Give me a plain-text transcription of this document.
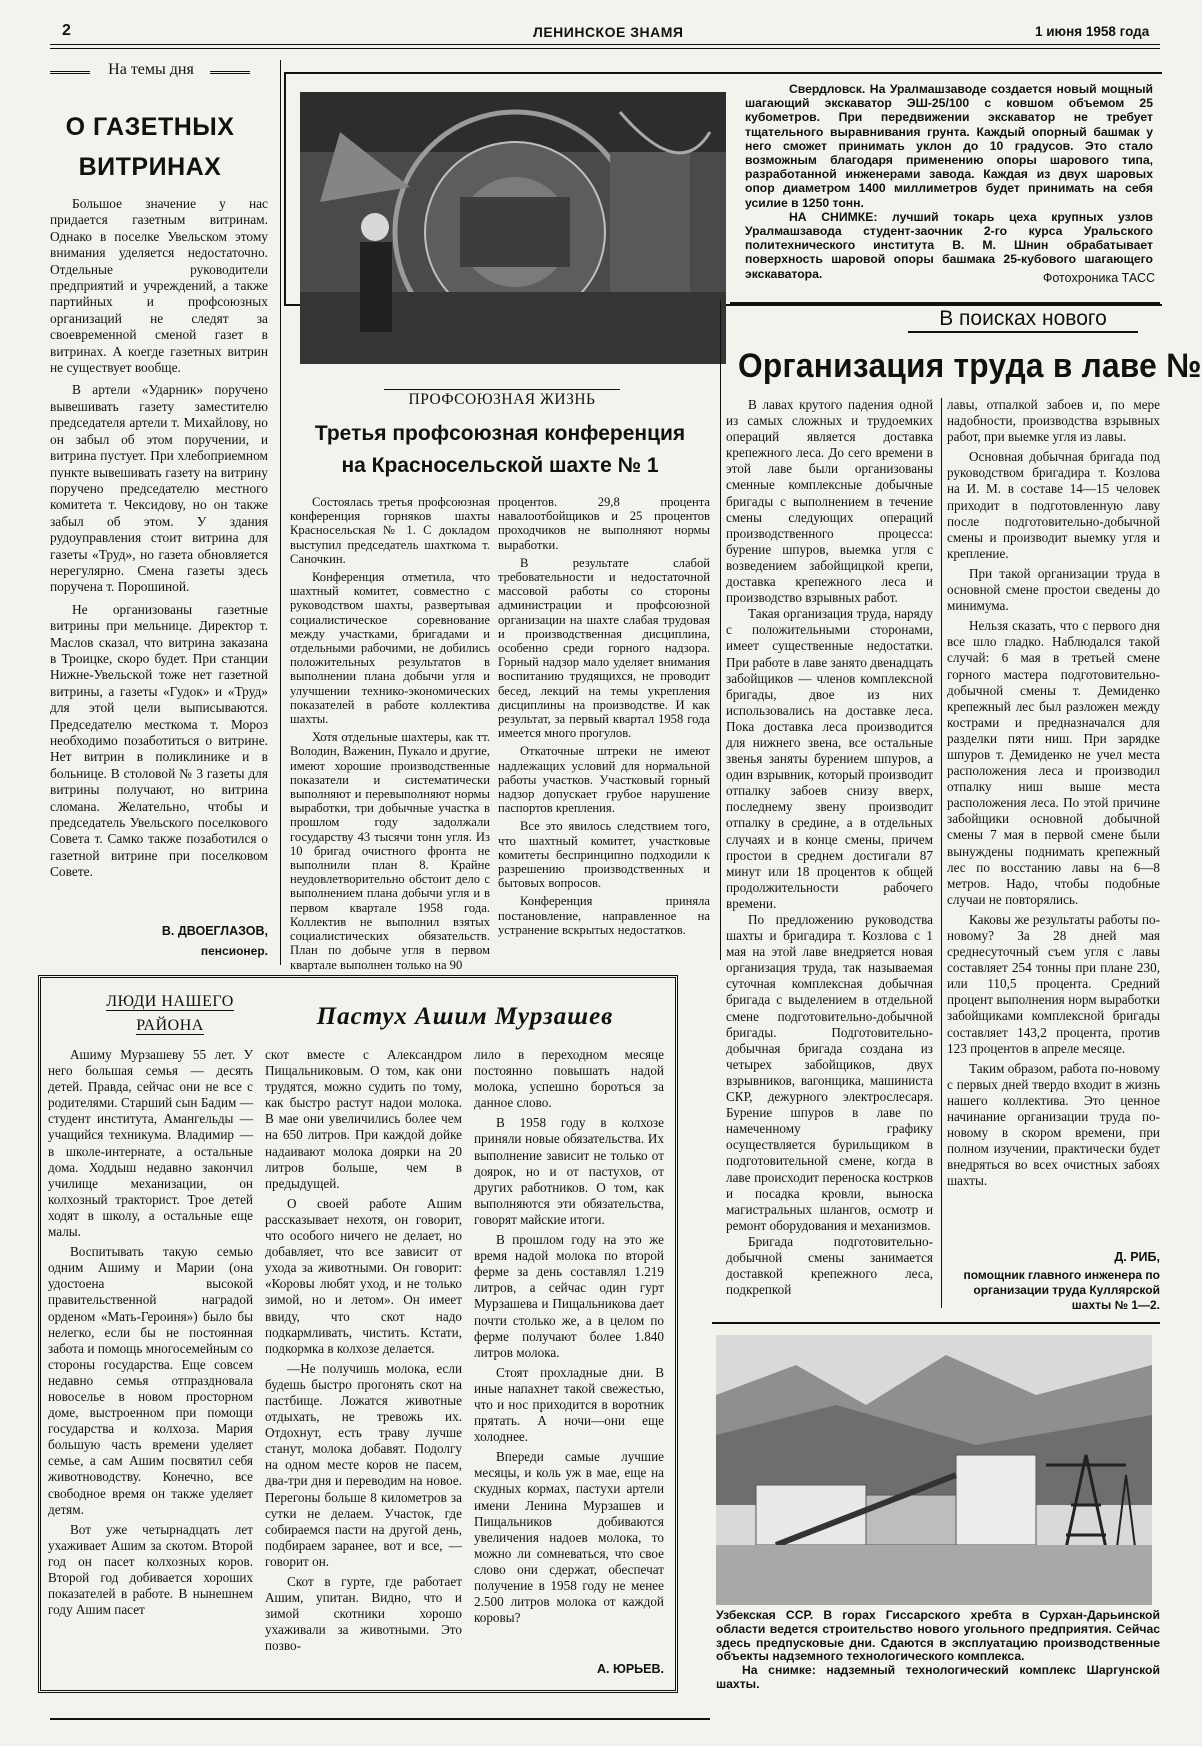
2	ЛЕНИНСКОЕ ЗНАМЯ	1 июня 1958 года
На темы дня
О ГАЗЕТНЫХ
ВИТРИНАХ

Большое значение у нас придается газетным витринам. Однако в поселке Увельском этому внимания уделяется недостаточно. Отдельные руководители предприятий и учреждений, а также партийных и профсоюзных организаций не следят за своевременной сменой газет в витринах. А коегде газетных витрин не существует вообще.

В артели «Ударник» поручено вывешивать газету заместителю председателя артели т. Михайлову, но он забыл об этом поручении, и витрина пустует. При хлебоприемном пункте вывешивать газету на витрину поручено председателю местного комитета т. Чексидову, но он также забыл об этом. У здания рудоуправления стоит витрина для газеты «Труд», но газета обновляется нерегулярно. Смена газеты здесь поручена т. Порошиной.

Не организованы газетные витрины при мельнице. Директор т. Маслов сказал, что витрина заказана в Троицке, скоро будет. При станции Нижне-Увельской тоже нет газетной витрины, а газеты «Гудок» и «Труд» для этой цели выписываются. Председателю месткома т. Мороз необходимо позаботиться о витрине. Нет витрин в поликлинике и в больнице. В столовой № 3 газеты для витрины получают, но витрина сломана. Желательно, чтобы и председатель Увельского поселкового Совета т. Самко также позаботился о газетной витрине при поселковом Совете.

В. ДВОЕГЛАЗОВ,
пенсионер.
Свердловск. На Уралмашзаводе создается новый мощный шагающий экскаватор ЭШ-25/100 с ковшом объемом 25 кубометров. При передвижении экскаватор не требует тщательного выравнивания грунта. Каждый опорный башмак у него сможет принимать уклон до 10 градусов. Это стало возможным благодаря применению опоры шарового типа, разработанной инженерами завода. Каждая из двух шаровых опор диаметром 1400 миллиметров будет принимать на себя усилие в 1250 тонн.
НА СНИМКЕ: лучший токарь цеха крупных узлов Уралмашзавода студент-заочник 2-го курса Уральского политехнического института В. М. Шнин обрабатывает поверхность шаровой опоры башмака 25-кубового шагающего экскаватора.	Фотохроника ТАСС
ПРОФСОЮЗНАЯ ЖИЗНЬ
Третья профсоюзная конференция
на Красносельской шахте № 1

Состоялась третья профсоюзная конференция горняков шахты Красносельская № 1. С докладом выступил председатель шахткома т. Саночкин.

Конференция отметила, что шахтный комитет, совместно с руководством шахты, развертывая социалистическое соревнование между участками, бригадами и отдельными рабочими, не добились положительных результатов в выполнении плана добычи угля и улучшении технико-экономических показателей в работе коллектива шахты.

Хотя отдельные шахтеры, как тт. Володин, Важенин, Пукало и другие, имеют хорошие производственные показатели и систематически выполняют и перевыполняют нормы выработки, три добычные участка в прошлом году задолжали государству 43 тысячи тонн угля. Из 10 бригад очистного фронта не выполнили план 8. Крайне неудовлетворительно обстоит дело с выполнением плана добычи угля и в первом квартале 1958 года. Коллектив не выполнил взятых социалистических обязательств. План по добыче угля в первом квартале выполнен только на 90

процентов. 29,8 процента навалоотбойщиков и 25 процентов проходчиков не выполняют нормы выработки.

В результате слабой требовательности и недостаточной массовой работы со стороны администрации и профсоюзной организации на шахте слабая трудовая и производственная дисциплина, особенно среди горного надзора. Горный надзор мало уделяет внимания воспитанию трудящихся, не проводит бесед, лекций на темы укрепления дисциплины на производстве. И как результат, за первый квартал 1958 года имеется много прогулов.

Откаточные штреки не имеют надлежащих условий для нормальной работы участков. Участковый горный надзор допускает грубое нарушение паспортов крепления.

Все это явилось следствием того, что шахтный комитет, участковые комитеты беспринципно подходили к разрешению производственных и бытовых вопросов.

Конференция приняла постановление, направленное на устранение вскрытых недостатков.

В поисках нового
Организация труда в лаве №

В лавах крутого падения одной из самых сложных и трудоемких операций является доставка крепежного леса. До сего времени в этой лаве были организованы сменные комплексные добычные бригады с выполнением в течение смены следующих операций производственного процесса: бурение шпуров, выемка угля с возведением забойщицкой крепи, доставка крепежного леса и производство взрывных работ.

Такая организация труда, наряду с положительными сторонами, имеет существенные недостатки. При работе в лаве занято двенадцать забойщиков — членов комплексной бригады, двое из них использовались на доставке леса. Пока доставка леса производится для нижнего звена, все остальные звенья заняты бурением шпуров, а один взрывник, который производит отпалку забоев снизу вверх, последнему звену производит отпалку в средине, а в отдельных случаях и в конце смены, причем простои в среднем достигали 87 минут или 18 процентов к общей продолжительности рабочего времени.

По предложению руководства шахты и бригадира т. Козлова с 1 мая на этой лаве внедряется новая организация труда, так называемая суточная комплексная добычная бригада с выделением в отдельной смене подготовительно-добычной бригады. Подготовительно-добычная бригада создана из четырех забойщиков, двух взрывников, вагонщика, машиниста СКР, дежурного электрослесаря. Бурение шпуров в лаве по намеченному графику осуществляется бурильщиком в подготовительной смене, когда в лаве происходит переноска кострков и посадка кровли, выноска магистральных шлангов, осмотр и ремонт оборудования и механизмов.

Бригада подготовительно-добычной смены занимается доставкой крепежного леса, подкрепкой

лавы, отпалкой забоев и, по мере надобности, производства взрывных работ, при выемке угля из лавы.

Основная добычная бригада под руководством бригадира т. Козлова на И. М. в составе 14—15 человек приходит в подготовленную лаву после подготовительно-добычной смены и производит выемку угля и крепление.

При такой организации труда в основной смене простои сведены до минимума.

Нельзя сказать, что с первого дня все шло гладко. Наблюдался такой случай: 6 мая в третьей смене горного мастера подготовительно-добычной смены т. Демиденко крепежный лес был разложен между кострами и предназначался для разделки пяти ниш. При зарядке шпуров т. Демиденко не учел места расположения леса и производил отпалку ниш выше места расположения леса. По этой причине забойщики основной добычной смены 7 мая в первой смене были вынуждены поднимать крепежный лес по восстанию лавы на 6—8 метров. Надо, чтобы подобные случаи не повторялись.

Каковы же результаты работы по-новому? За 28 дней мая среднесуточный съем угля с лавы составляет 254 тонны при плане 230, или 110,5 процента. Средний процент выполнения норм выработки забойщиками комплексной бригады составляет 143,2 процента, против 123 процентов в апреле месяце.

Таким образом, работа по-новому с первых дней твердо входит в жизнь нашего коллектива. Это ценное начинание организации труда по-новому в скором времени, при полном изучении, практически будет внедряться во всех очистных забоях шахты.

Д. РИБ,
помощник главного инженера по организации труда Куллярской шахты № 1—2.
ЛЮДИ НАШЕГО
РАЙОНА	Пастух Ашим Мурзашев

Ашиму Мурзашеву 55 лет. У него большая семья — десять детей. Правда, сейчас они не все с родителями. Старший сын Бадим — студент института, Амангельды — учащийся техникума. Владимир — в школе-интернате, а остальные дома. Ходдыш недавно закончил училище механизации, он колхозный тракторист. Трое детей ходят в школу, а остальные еще малы.

Воспитывать такую семью одним Ашиму и Марии (она удостоена высокой правительственной наградой орденом «Мать-Героиня») было бы нелегко, если бы не постоянная забота и помощь многосемейным со стороны государства. Еще совсем недавно семья отпраздновала новоселье в новом просторном доме, выстроенном при помощи государства и колхоза. Мария большую часть времени уделяет семье, а сам Ашим посвятил себя животноводству. Конечно, все свободное время он также уделяет детям.

Вот уже четырнадцать лет ухаживает Ашим за скотом. Второй год он пасет колхозных коров. Второй год добивается хороших показателей в работе. В нынешнем году Ашим пасет

скот вместе с Александром Пищальниковым. О том, как они трудятся, можно судить по тому, как быстро растут надои молока. В мае они увеличились более чем на 650 литров. При каждой дойке надаивают молока доярки на 20 литров больше, чем в предыдущей.

О своей работе Ашим рассказывает нехотя, он говорит, что особого ничего не делает, но добавляет, что все зависит от ухода за животными. Он говорит: «Коровы любят уход, и не только зимой, но и летом». Он имеет ввиду, что скот надо подкармливать, чистить. Кстати, подкормка в колхозе делается.

—Не получишь молока, если будешь быстро прогонять скот на пастбище. Ложатся животные отдыхать, не тревожь их. Отдохнут, есть траву лучше станут, молока добавят. Подолгу на одном месте коров не пасем, два-три дня и переводим на новое. Перегоны больше 8 километров за сутки не делаем. Участок, где собираемся пасти на другой день, подбираем заранее, вот и все, — говорит он.

Скот в гурте, где работает Ашим, упитан. Видно, что и зимой скотники хорошо ухаживали за животными. Это позво-

лило в переходном месяце постоянно повышать надой молока, успешно бороться за данное слово.

В 1958 году в колхозе приняли новые обязательства. Их выполнение зависит не только от доярок, но и от пастухов, от других работников. О том, как выполняются эти обязательства, говорят майские итоги.

В прошлом году на это же время надой молока по второй ферме за день составлял 1.219 литров, а сейчас один гурт Мурзашева и Пищальникова дает почти столько же, а в целом по ферме получают более 1.840 литров молока.

Стоят прохладные дни. В иные напахнет такой свежестью, что и нос приходится в воротник прятать. А ночи—они еще холоднее.

Впереди самые лучшие месяцы, и коль уж в мае, еще на скудных кормах, пастухи артели имени Ленина Мурзашев и Пищальников добиваются увеличения надоев молока, то можно ли сомневаться, что свое слово они сдержат, обеспечат получение в 1958 году не менее 2.500 литров молока от каждой коровы?

А. ЮРЬЕВ.
Узбекская ССР. В горах Гиссарского хребта в Сурхан-Дарьинской области ведется строительство нового угольного предприятия. Сейчас здесь предпусковые дни. Сдаются в эксплуатацию производственные объекты надземного технологического комплекса.
На снимке: надземный технологический комплекс Шаргунской шахты.
